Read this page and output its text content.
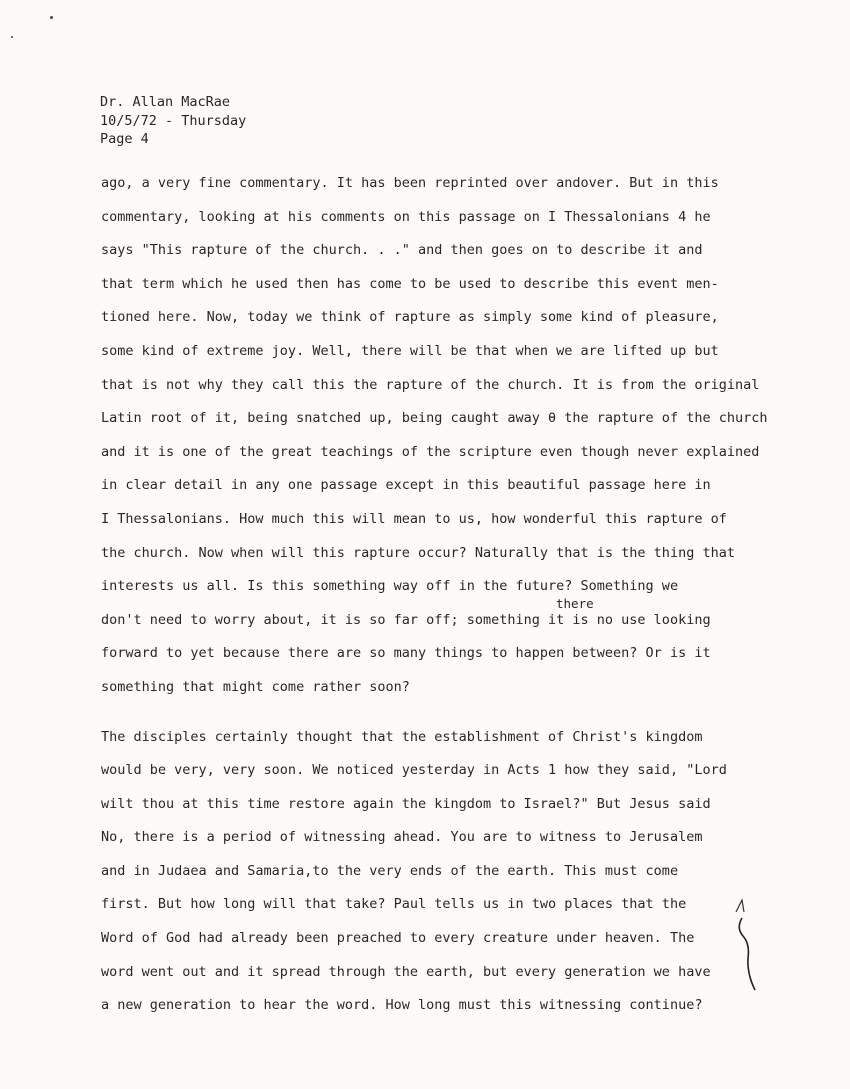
Dr. Allan MacRae
10/5/72 - Thursday
Page 4
ago, a very fine commentary. It has been reprinted over andover. But in this
commentary, looking at his comments on this passage on I Thessalonians 4 he
says "This rapture of the church. . ." and then goes on to describe it and
that term which he used then has come to be used to describe this event men-
tioned here. Now, today we think of rapture as simply some kind of pleasure,
some kind of extreme joy. Well, there will be that when we are lifted up but
that is not why they call this the rapture of the church. It is from the original
Latin root of it, being snatched up, being caught away θ the rapture of the church
and it is one of the great teachings of the scripture even though never explained
in clear detail in any one passage except in this beautiful passage here in
I Thessalonians. How much this will mean to us, how wonderful this rapture of
the church. Now when will this rapture occur? Naturally that is the thing that
interests us all. Is this something way off in the future? Something we
don't need to worry about, it is so far off; something it is no use looking
forward to yet because there are so many things to happen between? Or is it
something that might come rather soon?
The disciples certainly thought that the establishment of Christ's kingdom
would be very, very soon. We noticed yesterday in Acts 1 how they said, "Lord
wilt thou at this time restore again the kingdom to Israel?" But Jesus said
No, there is a period of witnessing ahead. You are to witness to Jerusalem
and in Judaea and Samaria,to the very ends of the earth. This must come
first. But how long will that take? Paul tells us in two places that the
Word of God had already been preached to every creature under heaven. The
word went out and it spread through the earth, but every generation we have
a new generation to hear the word. How long must this witnessing continue?
there
